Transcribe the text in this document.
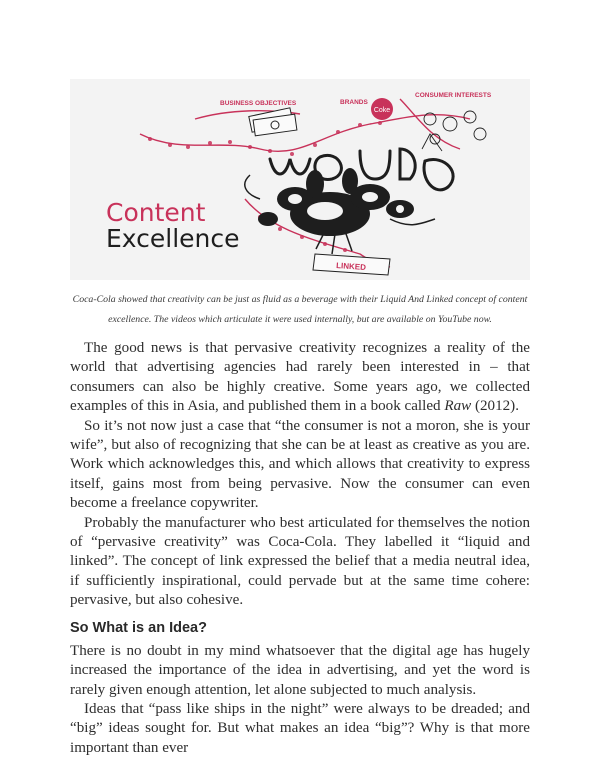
Coke
BUSINESS OBJECTIVES	BRANDS
CONSUMER INTERESTS
LINKED
Content
Excellence
Coca-Cola showed that creativity can be just as fluid as a beverage with their Liquid And Linked concept of content
excellence. The videos which articulate it were used internally, but are available on YouTube now.

The good news is that pervasive creativity recognizes a reality of the world that advertising agencies had rarely been interested in – that consumers can also be highly creative. Some years ago, we collected examples of this in Asia, and published them in a book called Raw (2012).

So it’s not now just a case that “the consumer is not a moron, she is your wife”, but also of recognizing that she can be at least as creative as you are. Work which acknowledges this, and which allows that creativity to express itself, gains most from being pervasive. Now the consumer can even become a freelance copywriter.

Probably the manufacturer who best articulated for themselves the notion of “pervasive creativity” was Coca-Cola. They labelled it “liquid and linked”. The concept of link expressed the belief that a media neutral idea, if sufficiently inspirational, could pervade but at the same time cohere: pervasive, but also cohesive.

So What is an Idea?

There is no doubt in my mind whatsoever that the digital age has hugely increased the importance of the idea in advertising, and yet the word is rarely given enough attention, let alone subjected to much analysis.

Ideas that “pass like ships in the night” were always to be dreaded; and “big” ideas sought for. But what makes an idea “big”? Why is that more important than ever
